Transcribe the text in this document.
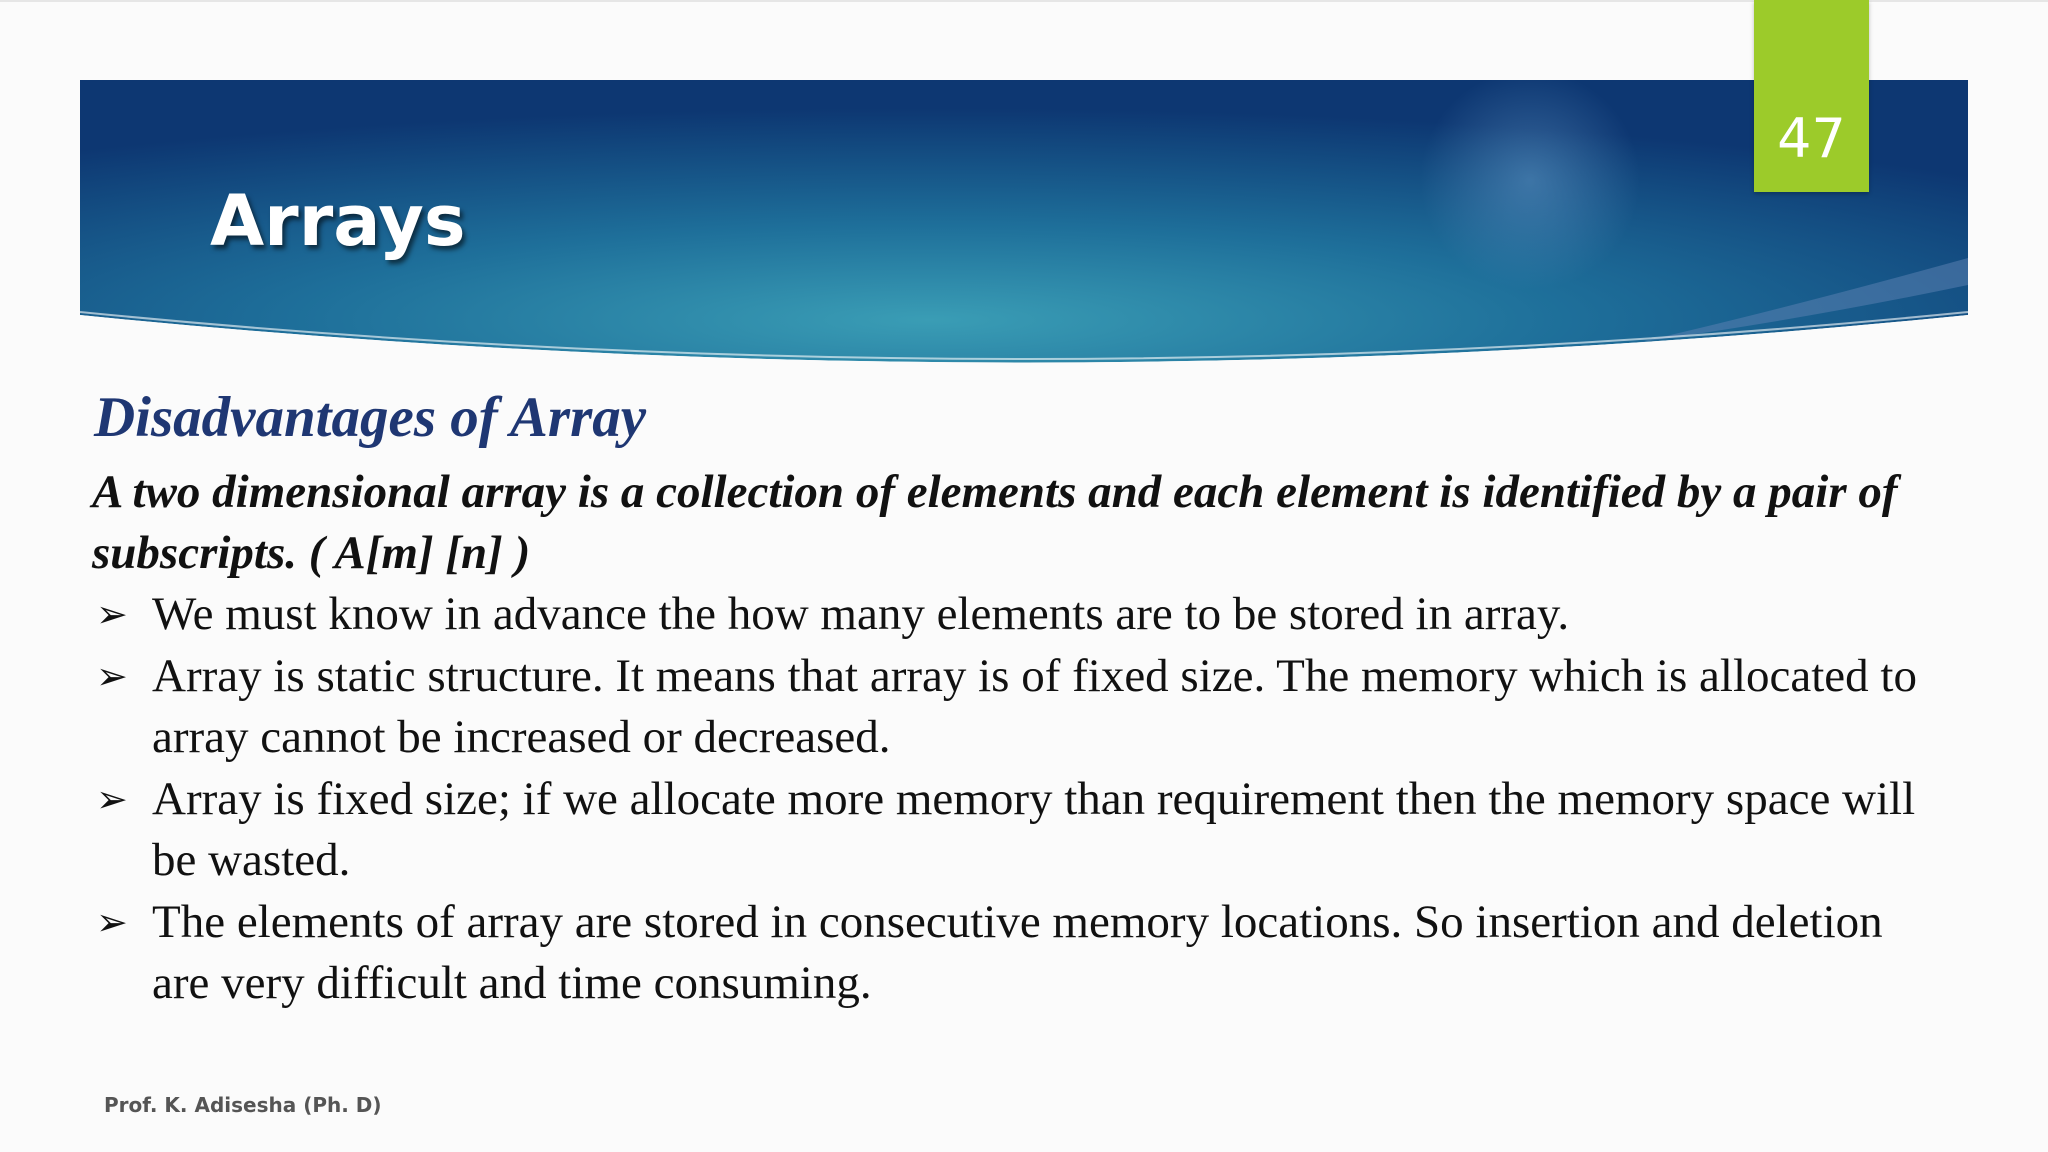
47
Arrays
Disadvantages of Array
A two dimensional array is a collection of elements and each element is identified by a pair of subscripts. ( A[m] [n] )
➢ We must know in advance the how many elements are to be stored in array.
➢ Array is static structure. It means that array is of fixed size. The memory which is allocated to array cannot be increased or decreased.
➢ Array is fixed size; if we allocate more memory than requirement then the memory space will be wasted.
➢ The elements of array are stored in consecutive memory locations. So insertion and deletion are very difficult and time consuming.
Prof. K. Adisesha (Ph. D)
